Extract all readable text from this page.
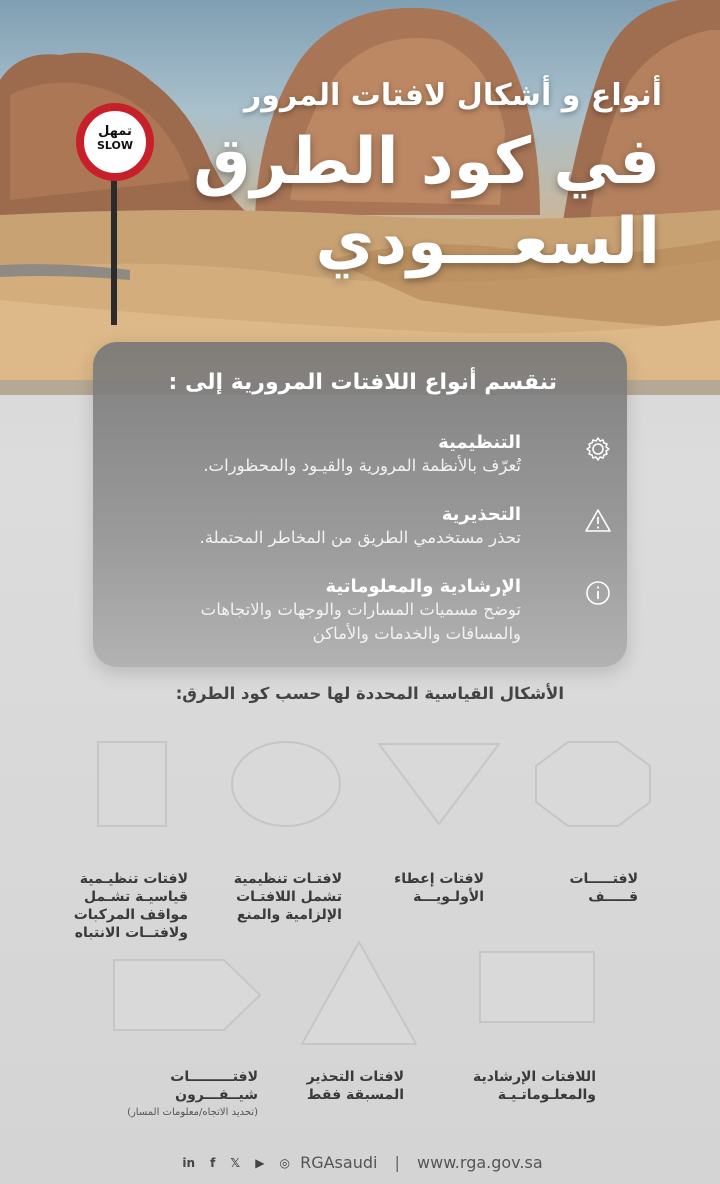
تمهل
SLOW
أنواع و أشكال لافتات المرور
في كود الطرق
السعـــودي
تنقسم أنواع اللافتات المرورية إلى :
التنظيمية
تُعرّف بالأنظمة المرورية والقيـود والمحظورات.
التحذيرية
تحذر مستخدمي الطريق من المخاطر المحتملة.
الإرشادية والمعلوماتية
توضح مسميات المسارات والوجهات والاتجاهات
والمسافات والخدمات والأماكن
الأشكال القياسية المحددة لها حسب كود الطرق:
لافتـــــات
قـــــف
لافتات إعطاء
الأولـويـــة
لافتـات تنظيمية
تشمل اللافتـات
الإلزامية والمنع
لافتات تنظيـمية
قياسيـة تشـمل
مواقف المركبات
ولافتــات الانتباه
اللافتات الإرشادية
والمعلـوماتـيـة
لافتات التحذير
المسبقة فقط
لافتـــــــــات
شيــفـــرون
(تحديد الاتجاه/معلومات المسار)
in f 𝕏 ▶ ◎ RGAsaudi | www.rga.gov.sa
